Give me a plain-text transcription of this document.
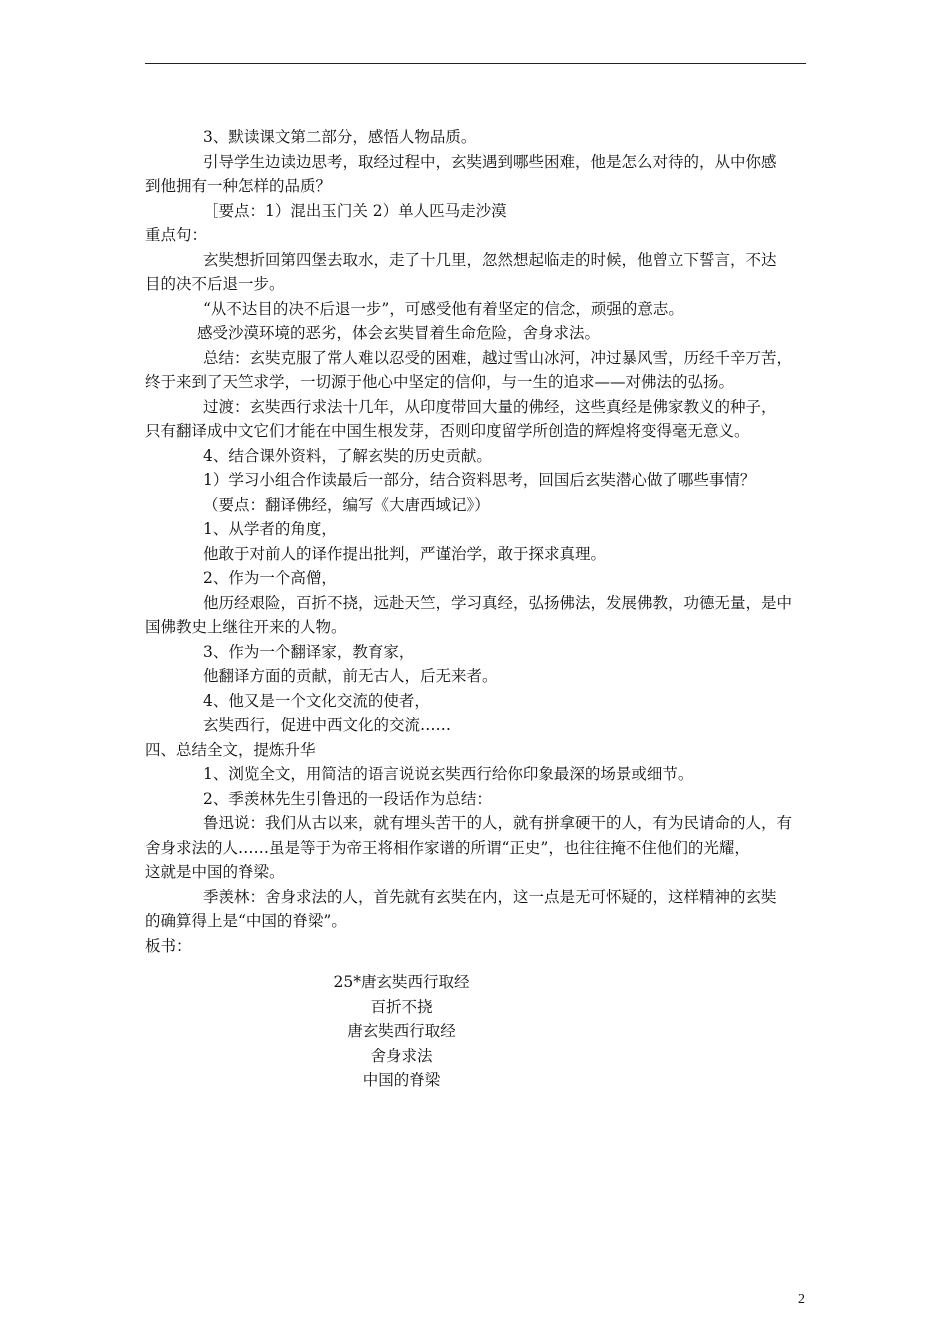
3、默读课文第二部分，感悟人物品质。

引导学生边读边思考，取经过程中，玄奘遇到哪些困难，他是怎么对待的，从中你感

到他拥有一种怎样的品质？

［要点：1）混出玉门关 2）单人匹马走沙漠

重点句：

玄奘想折回第四堡去取水，走了十几里，忽然想起临走的时候，他曾立下誓言，不达

目的决不后退一步。

“从不达目的决不后退一步”，可感受他有着坚定的信念，顽强的意志。

感受沙漠环境的恶劣，体会玄奘冒着生命危险，舍身求法。

总结：玄奘克服了常人难以忍受的困难，越过雪山冰河，冲过暴风雪，历经千辛万苦，

终于来到了天竺求学，一切源于他心中坚定的信仰，与一生的追求——对佛法的弘扬。

过渡：玄奘西行求法十几年，从印度带回大量的佛经，这些真经是佛家教义的种子，

只有翻译成中文它们才能在中国生根发芽，否则印度留学所创造的辉煌将变得毫无意义。

4、结合课外资料，了解玄奘的历史贡献。

1）学习小组合作读最后一部分，结合资料思考，回国后玄奘潜心做了哪些事情？

（要点：翻译佛经，编写《大唐西域记》）

1、从学者的角度，

他敢于对前人的译作提出批判，严谨治学，敢于探求真理。

2、作为一个高僧，

他历经艰险，百折不挠，远赴天竺，学习真经，弘扬佛法，发展佛教，功德无量，是中

国佛教史上继往开来的人物。

3、作为一个翻译家，教育家，

他翻译方面的贡献，前无古人，后无来者。

4、他又是一个文化交流的使者，

玄奘西行，促进中西文化的交流……

四、总结全文，提炼升华

1、浏览全文，用简洁的语言说说玄奘西行给你印象最深的场景或细节。

2、季羡林先生引鲁迅的一段话作为总结：

鲁迅说：我们从古以来，就有埋头苦干的人，就有拼拿硬干的人，有为民请命的人，有

舍身求法的人……虽是等于为帝王将相作家谱的所谓“正史”，也往往掩不住他们的光耀，

这就是中国的脊梁。

季羡林：舍身求法的人，首先就有玄奘在内，这一点是无可怀疑的，这样精神的玄奘

的确算得上是“中国的脊梁”。

板书：

25*唐玄奘西行取经

百折不挠

唐玄奘西行取经

舍身求法

中国的脊梁

2
